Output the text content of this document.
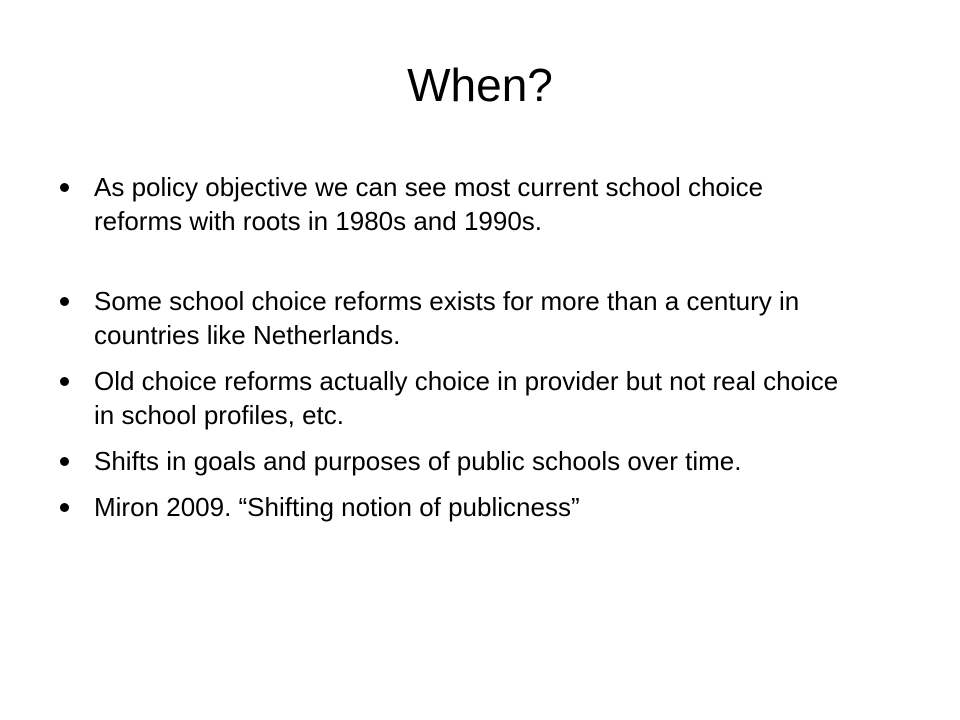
When?
As policy objective we can see most current school choice reforms with roots in 1980s and 1990s.
Some school choice reforms exists for more than a century in countries like Netherlands.
Old choice reforms actually choice in provider but not real choice in school profiles, etc.
Shifts in goals and purposes of public schools over time.
Miron 2009. “Shifting notion of publicness”
